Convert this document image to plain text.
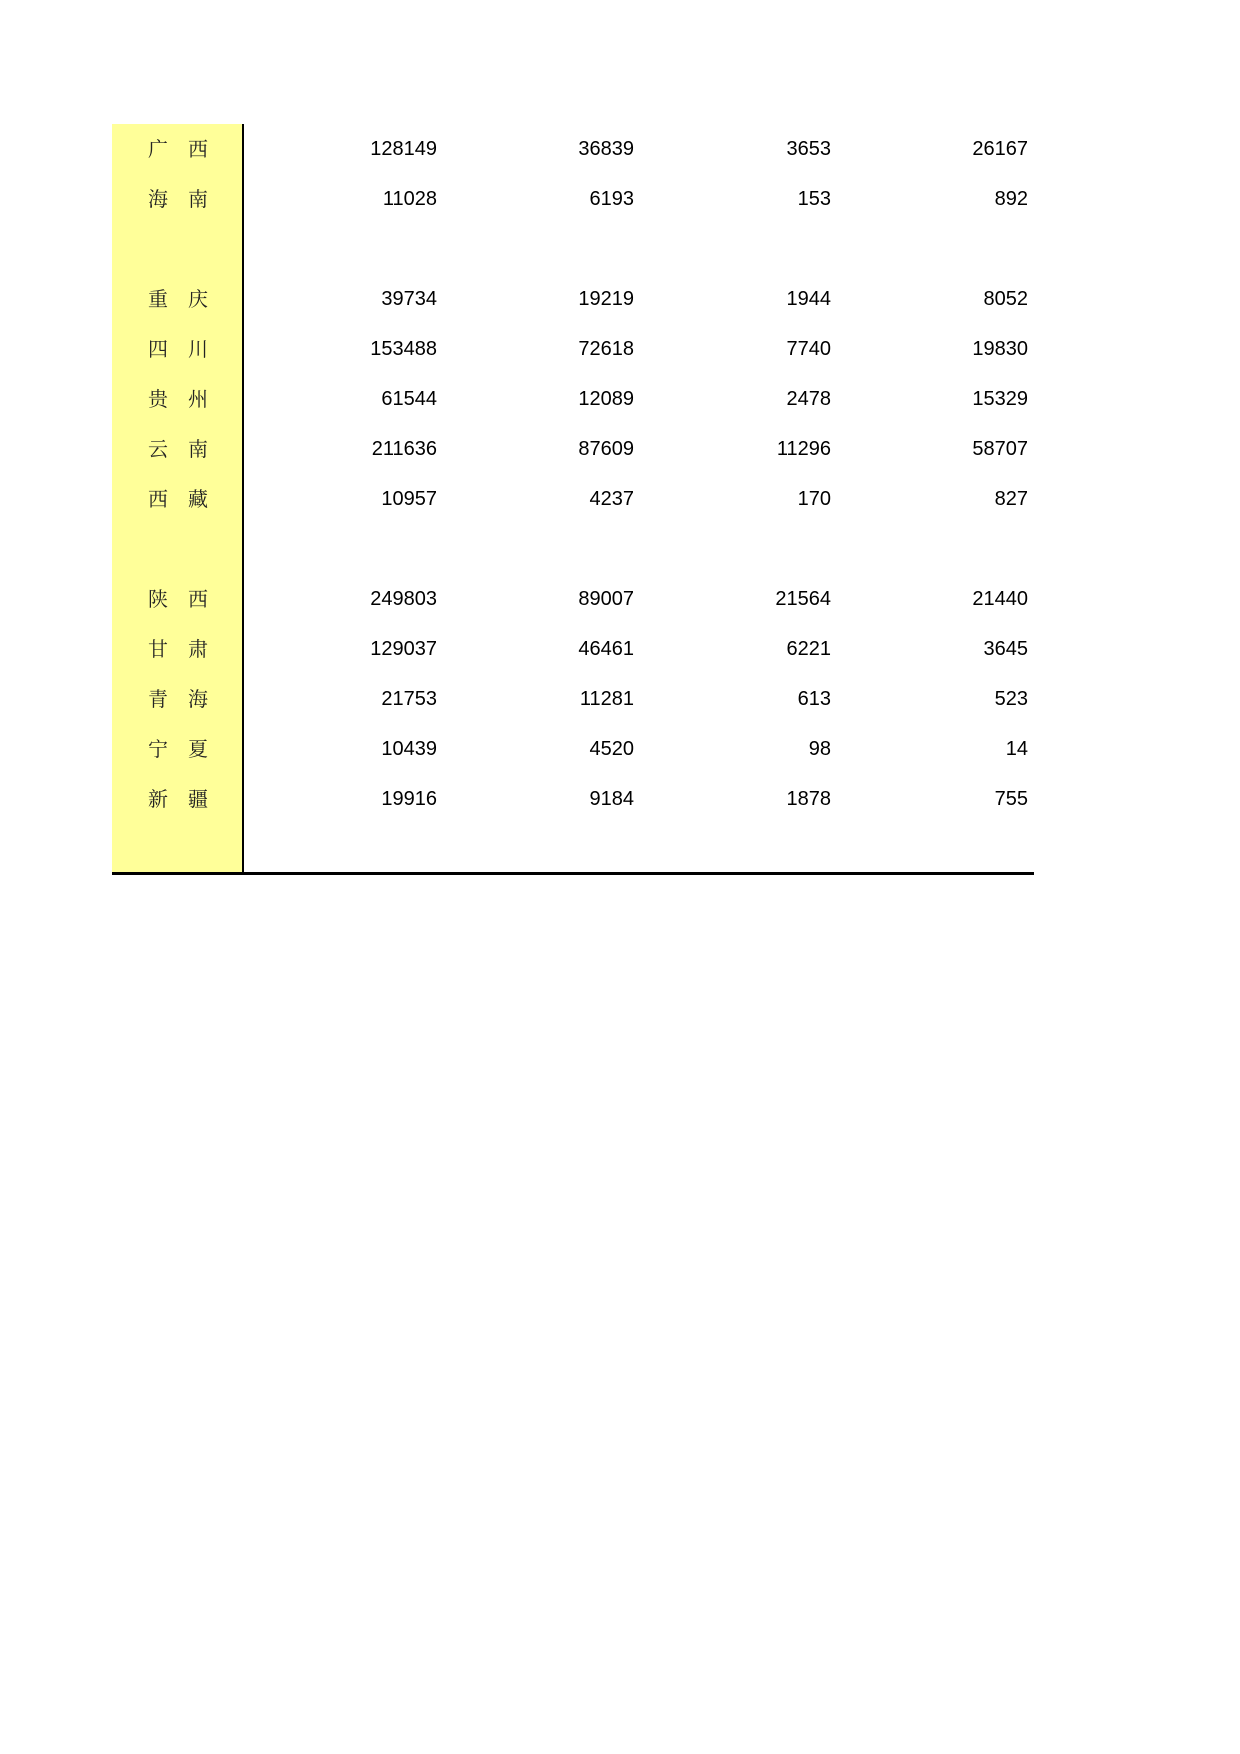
广西	128149	36839	3653	26167
海南	11028	6193	153	892
重庆	39734	19219	1944	8052
四川	153488	72618	7740	19830
贵州	61544	12089	2478	15329
云南	211636	87609	11296	58707
西藏	10957	4237	170	827
陕西	249803	89007	21564	21440
甘肃	129037	46461	6221	3645
青海	21753	11281	613	523
宁夏	10439	4520	98	14
新疆	19916	9184	1878	755
